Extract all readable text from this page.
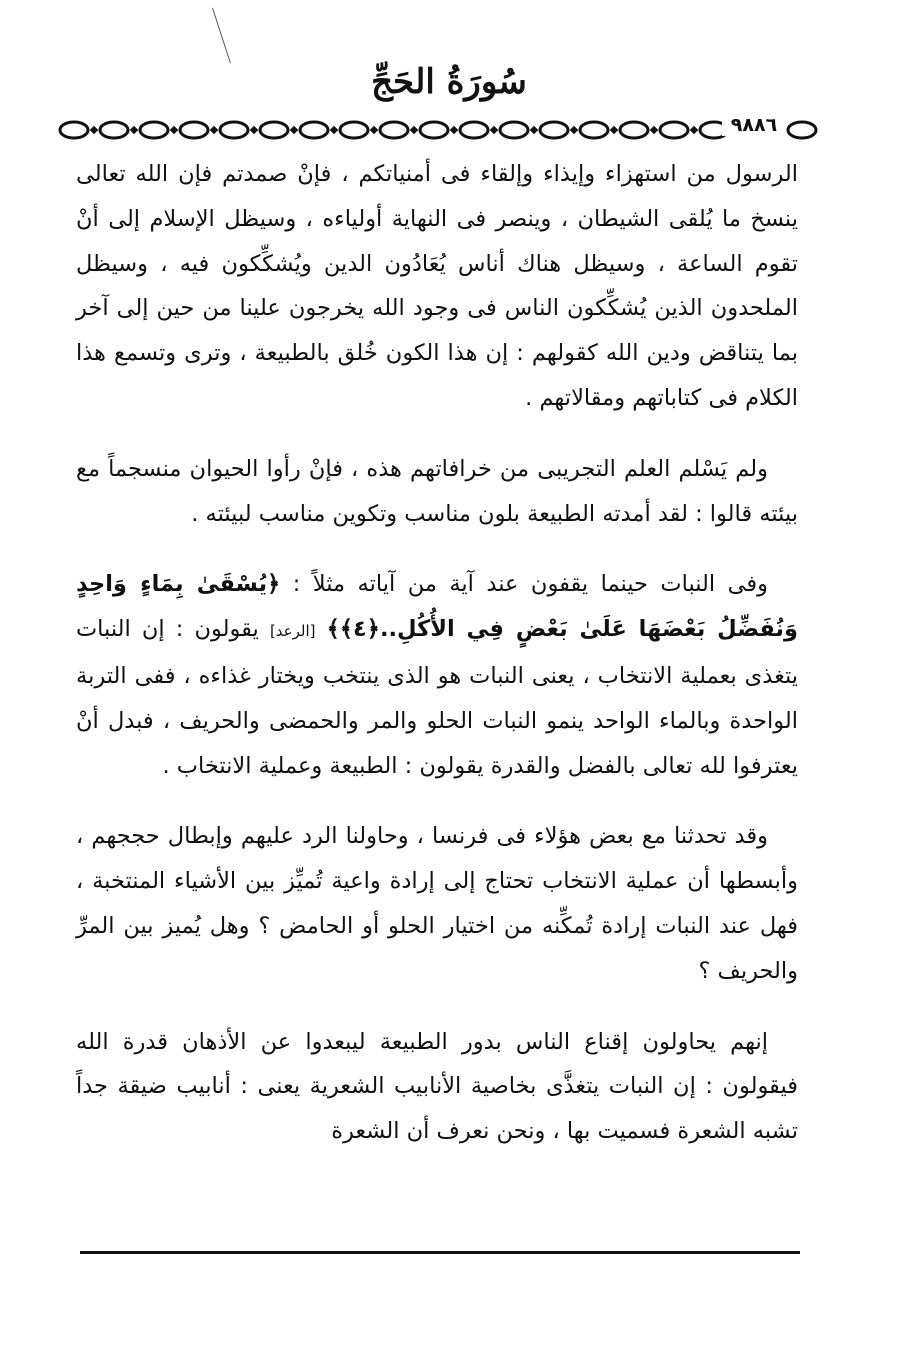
سُورَةُ الحَجِّ
٩٨٨٦

الرسول من استهزاء وإيذاء وإلقاء فى أمنياتكم ، فإنْ صمدتم فإن الله تعالى ينسخ ما يُلقى الشيطان ، وينصر فى النهاية أولياءه ، وسيظل الإسلام إلى أنْ تقوم الساعة ، وسيظل هناك أناس يُعَادُون الدين ويُشكِّكون فيه ، وسيظل الملحدون الذين يُشكِّكون الناس فى وجود الله يخرجون علينا من حين إلى آخر بما يتناقض ودين الله كقولهم : إن هذا الكون خُلق بالطبيعة ، وترى وتسمع هذا الكلام فى كتاباتهم ومقالاتهم .

ولم يَسْلم العلم التجريبى من خرافاتهم هذه ، فإنْ رأوا الحيوان منسجماً مع بيئته قالوا : لقد أمدته الطبيعة بلون مناسب وتكوين مناسب لبيئته .

وفى النبات حينما يقفون عند آية من آياته مثلاً : ﴿يُسْقَىٰ بِمَاءٍ وَاحِدٍ وَنُفَضِّلُ بَعْضَهَا عَلَىٰ بَعْضٍ فِي الأُكُلِ..﴿٤﴾﴾ [الرعد] يقولون : إن النبات يتغذى بعملية الانتخاب ، يعنى النبات هو الذى ينتخب ويختار غذاءه ، ففى التربة الواحدة وبالماء الواحد ينمو النبات الحلو والمر والحمضى والحريف ، فبدل أنْ يعترفوا لله تعالى بالفضل والقدرة يقولون : الطبيعة وعملية الانتخاب .

وقد تحدثنا مع بعض هؤلاء فى فرنسا ، وحاولنا الرد عليهم وإبطال حججهم ، وأبسطها أن عملية الانتخاب تحتاج إلى إرادة واعية تُميِّز بين الأشياء المنتخبة ، فهل عند النبات إرادة تُمكِّنه من اختيار الحلو أو الحامض ؟ وهل يُميز بين المرِّ والحريف ؟

إنهم يحاولون إقناع الناس بدور الطبيعة ليبعدوا عن الأذهان قدرة الله فيقولون : إن النبات يتغذَّى بخاصية الأنابيب الشعرية يعنى : أنابيب ضيقة جداً تشبه الشعرة فسميت بها ، ونحن نعرف أن الشعرة
